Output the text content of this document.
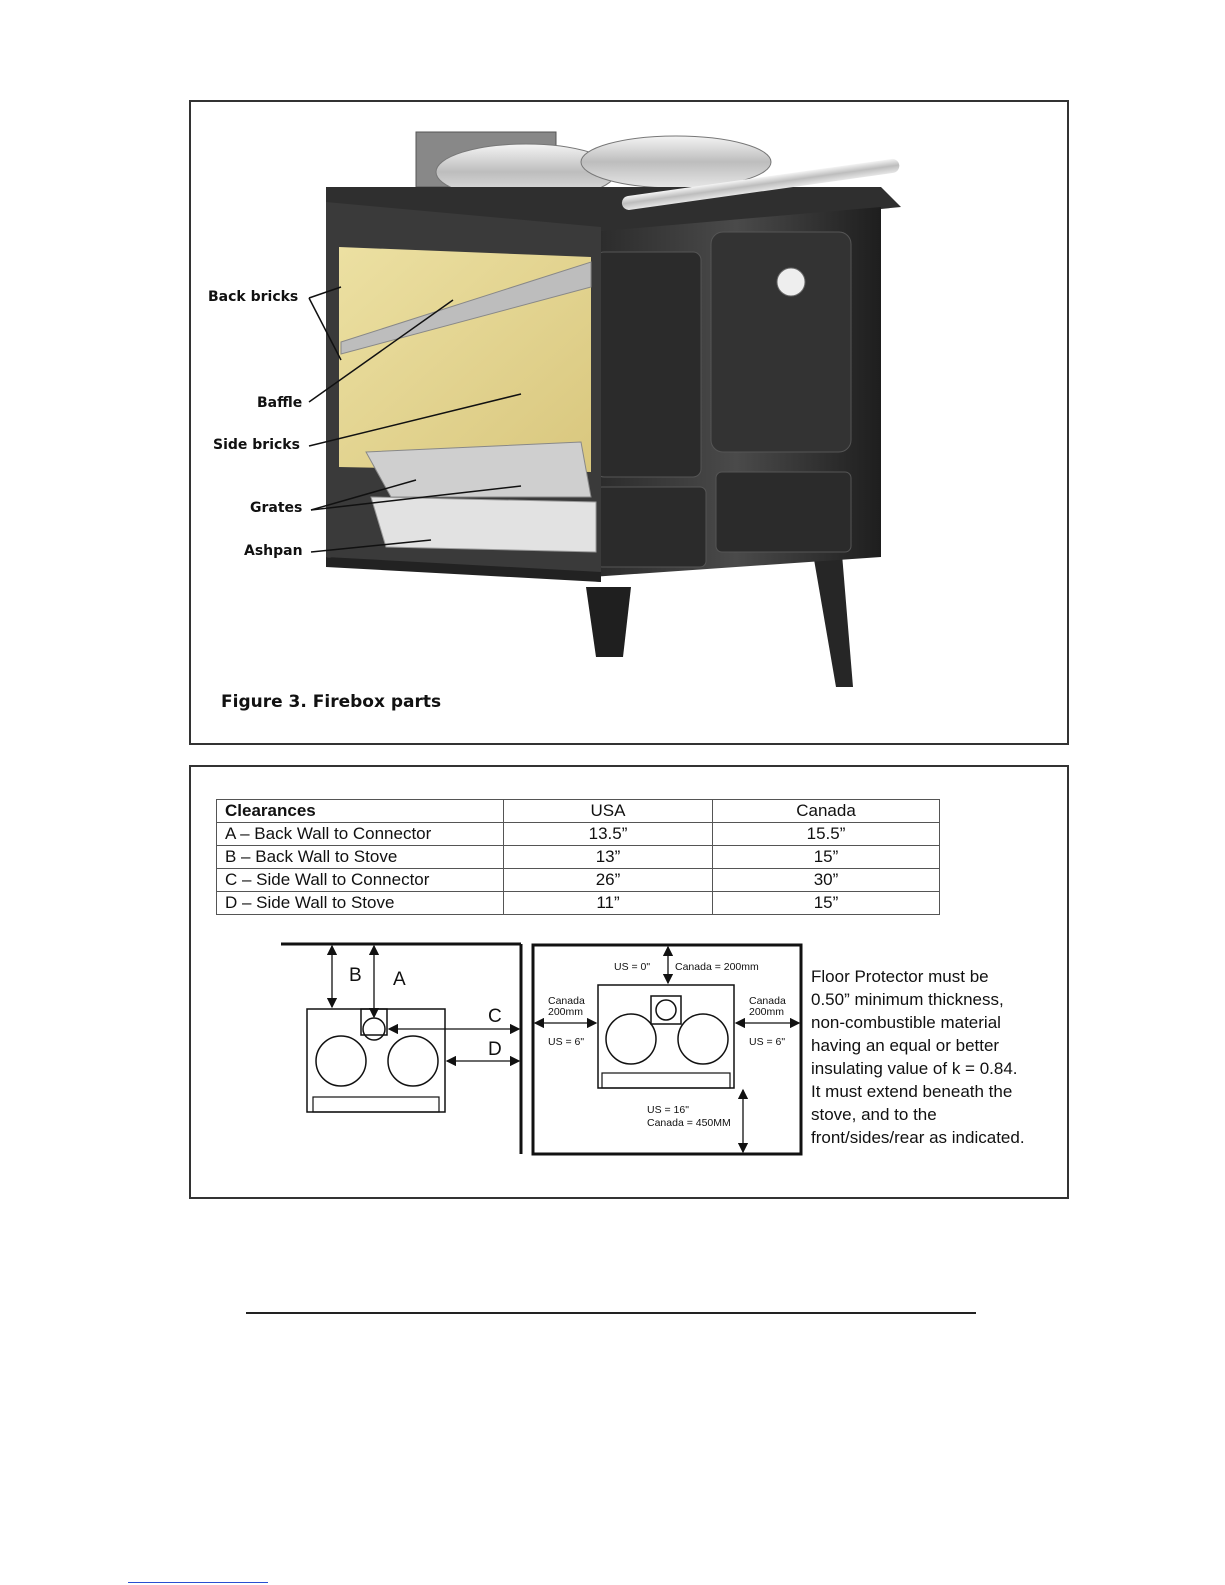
Back bricks
Baffle
Side bricks
Grates
Ashpan
Figure 3. Firebox parts
Clearances	USA	Canada
A – Back Wall to Connector	13.5”	15.5”
B – Back Wall to Stove	13”	15”
C – Side Wall to Connector	26”	30”
D – Side Wall to Stove	11”	15”
B A
C
D
US = 0" Canada = 200mm
Canada
200mm
US = 6"
Canada
200mm
US = 6"
US = 16"
Canada = 450MM
Floor Protector must be
0.50” minimum thickness,
non-combustible material
having an equal or better
insulating value of k = 0.84.
It must extend beneath the
stove, and to the
front/sides/rear as indicated.
